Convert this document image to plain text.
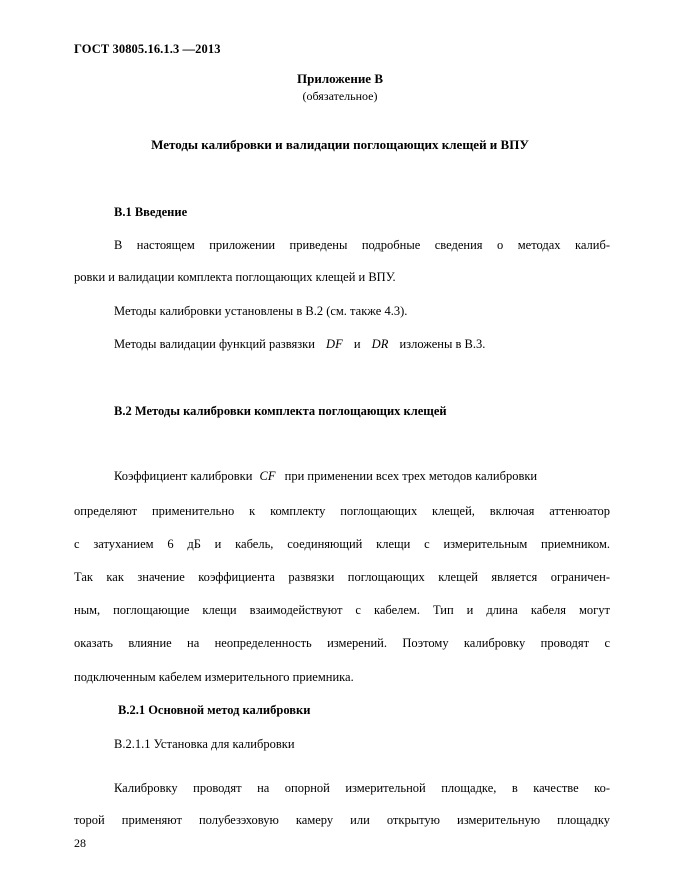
ГОСТ 30805.16.1.3 —2013
Приложение В
(обязательное)
Методы калибровки и валидации поглощающих клещей и ВПУ
В.1 Введение
В настоящем приложении приведены подробные сведения о методах калиб-
ровки и валидации комплекта поглощающих клещей и ВПУ.
Методы калибровки установлены в В.2 (см. также 4.3).
Методы валидации функций развязки DF и DR изложены в В.3.
В.2 Методы калибровки комплекта поглощающих клещей
Коэффициент калибровки CF при применении всех трех методов калибровки
определяют применительно к комплекту поглощающих клещей, включая аттенюатор
с затуханием 6 дБ и кабель, соединяющий клещи с измерительным приемником.
Так как значение коэффициента развязки поглощающих клещей является ограничен-
ным, поглощающие клещи взаимодействуют с кабелем. Тип и длина кабеля могут
оказать влияние на неопределенность измерений. Поэтому калибровку проводят с
подключенным кабелем измерительного приемника.
В.2.1 Основной метод калибровки
В.2.1.1 Установка для калибровки
Калибровку проводят на опорной измерительной площадке, в качестве ко-
торой применяют полубезэховую камеру или открытую измерительную площадку
28
